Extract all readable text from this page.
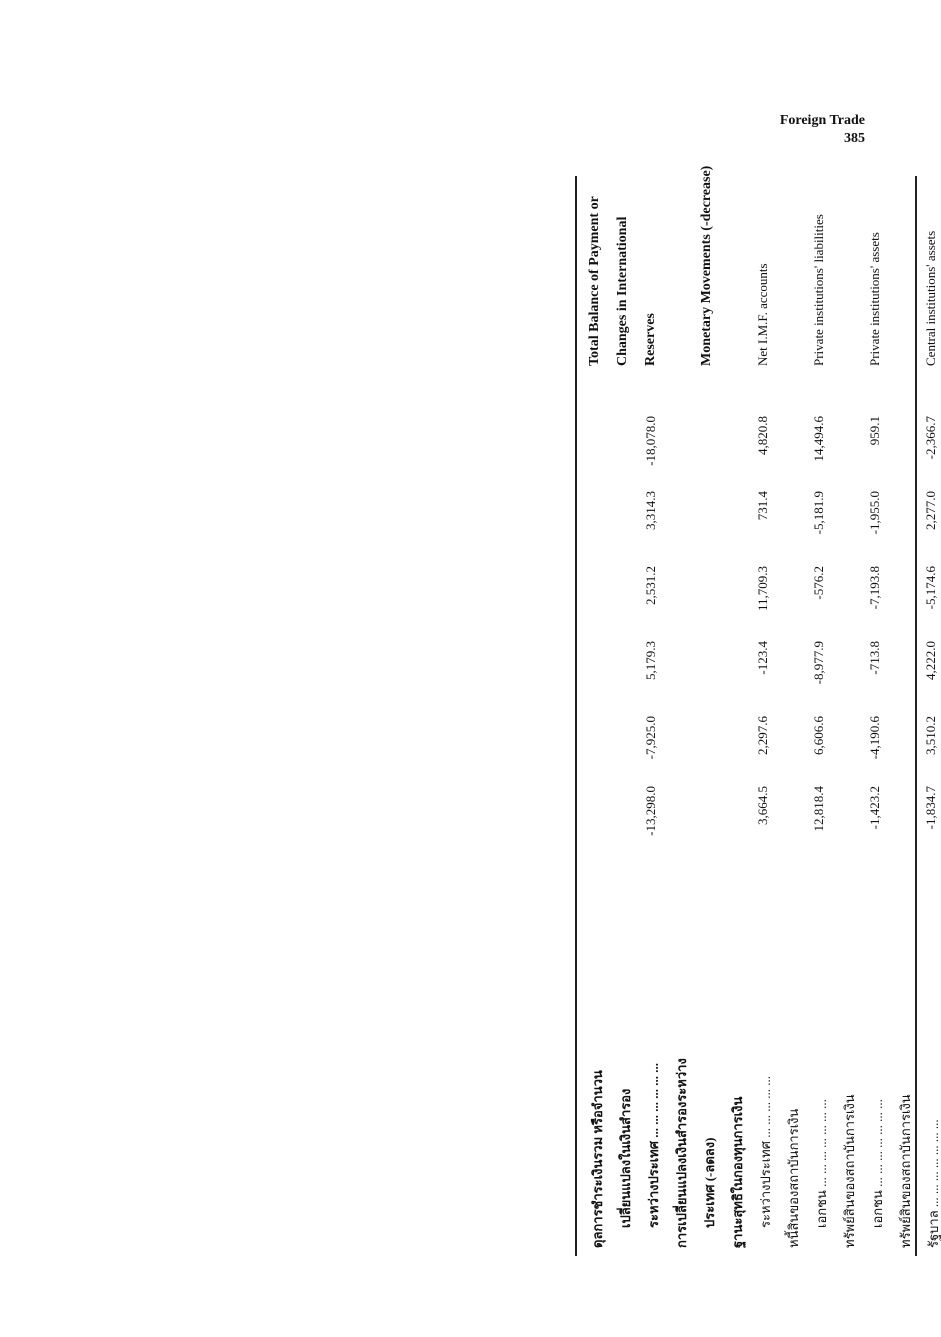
Foreign Trade
385
ดุลการชำระเงินรวม หรือจำนวน
Total Balance of Payment or
เปลี่ยนแปลงในเงินสำรอง
Changes in International
ระหว่างประเทศ ... ... ... ... ... ...
-13,298.0
-7,925.0
5,179.3
2,531.2
3,314.3
-18,078.0
Reserves
การเปลี่ยนแปลงเงินสำรองระหว่าง ประเทศ (-ลดลง)
Monetary Movements (-decrease)
ฐานะสุทธิในกองทุนการเงิน ระหว่างประเทศ ... ... ... ... ...
3,664.5
2,297.6
-123.4
11,709.3
731.4
4,820.8
Net I.M.F. accounts
หนี้สินของสถาบันการเงิน เอกชน ... ... ... ... ... ... ...
12,818.4
6,606.6
-8,977.9
-576.2
-5,181.9
14,494.6
Private institutions' liabilities
ทรัพย์สินของสถาบันการเงิน เอกชน ... ... ... ... ... ... ...
-1,423.2
-4,190.6
-713.8
-7,193.8
-1,955.0
959.1
Private institutions' assets
ทรัพย์สินของสถาบันการเงิน รัฐบาล ... ... ... ... ... ... ...
-1,834.7
3,510.2
4,222.0
-5,174.6
2,277.0
-2,366.7
Central institutions' assets
